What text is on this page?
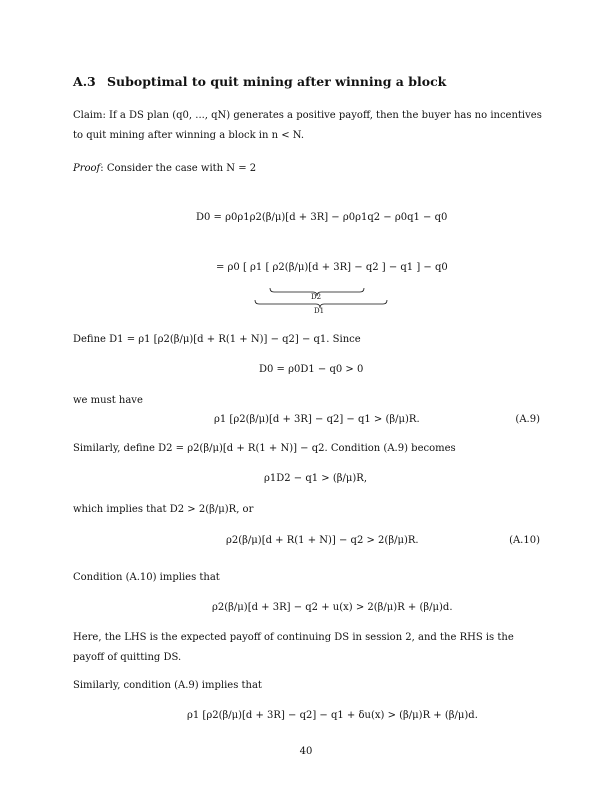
A.3 Suboptimal to quit mining after winning a block
Claim: If a DS plan (q0, ..., qN) generates a positive payoff, then the buyer has no incentives to quit mining after winning a block in n < N.
Proof: Consider the case with N = 2
D0 = ρ0ρ1ρ2(β/μ)[d + 3R] − ρ0ρ1q2 − ρ0q1 − q0
= ρ0 [ ρ1 [ ρ2(β/μ)[d + 3R] − q2 ] − q1 ] − q0
D2
D1
Define D1 = ρ1 [ρ2(β/μ)[d + R(1 + N)] − q2] − q1. Since
D0 = ρ0D1 − q0 > 0
we must have
ρ1 [ρ2(β/μ)[d + 3R] − q2] − q1 > (β/μ)R.	(A.9)
Similarly, define D2 = ρ2(β/μ)[d + R(1 + N)] − q2. Condition (A.9) becomes
ρ1D2 − q1 > (β/μ)R,
which implies that D2 > 2(β/μ)R, or
ρ2(β/μ)[d + R(1 + N)] − q2 > 2(β/μ)R.	(A.10)
Condition (A.10) implies that
ρ2(β/μ)[d + 3R] − q2 + u(x) > 2(β/μ)R + (β/μ)d.
Here, the LHS is the expected payoff of continuing DS in session 2, and the RHS is the payoff of quitting DS.
Similarly, condition (A.9) implies that
ρ1 [ρ2(β/μ)[d + 3R] − q2] − q1 + δu(x) > (β/μ)R + (β/μ)d.
40
